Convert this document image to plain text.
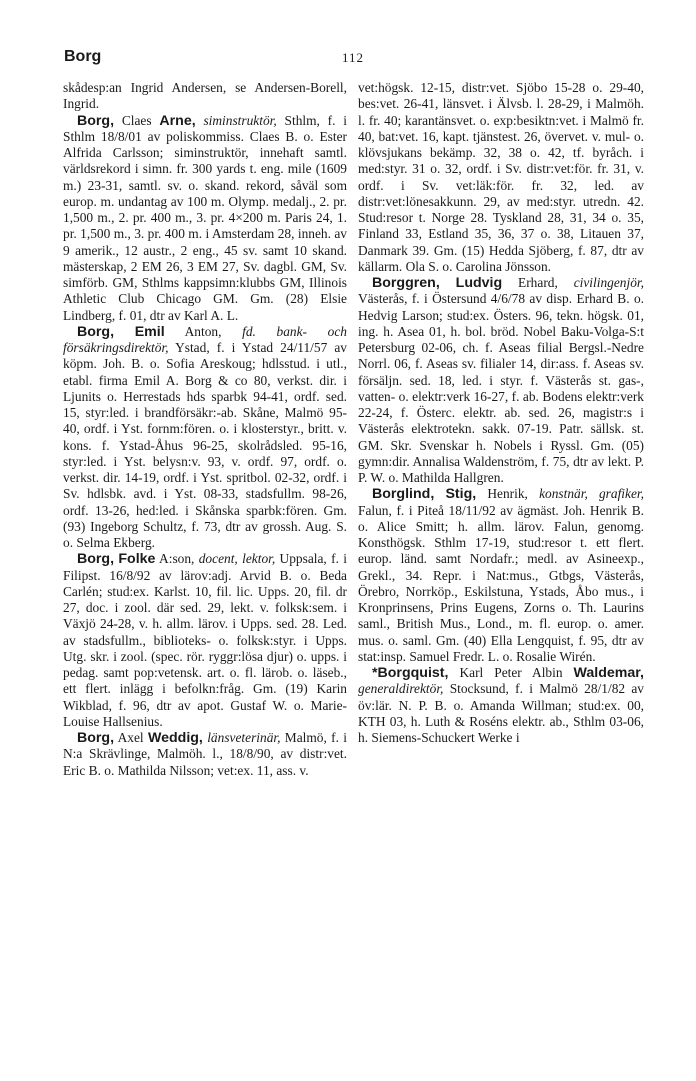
Borg	112

skådesp:an Ingrid Andersen, se Andersen-Borell, Ingrid.

Borg, Claes Arne, siminstruktör, Sthlm, f. i Sthlm 18/8/01 av poliskommiss. Claes B. o. Ester Alfrida Carlsson; siminstruktör, innehaft samtl. världsrekord i simn. fr. 300 yards t. eng. mile (1609 m.) 23-31, samtl. sv. o. skand. rekord, såväl som europ. m. undantag av 100 m. Olymp. medalj., 2. pr. 1,500 m., 2. pr. 400 m., 3. pr. 4×200 m. Paris 24, 1. pr. 1,500 m., 3. pr. 400 m. i Amsterdam 28, inneh. av 9 amerik., 12 austr., 2 eng., 45 sv. samt 10 skand. mästerskap, 2 EM 26, 3 EM 27, Sv. dagbl. GM, Sv. simförb. GM, Sthlms kappsimn:klubbs GM, Illinois Athletic Club Chicago GM. Gm. (28) Elsie Lindberg, f. 01, dtr av Karl A. L.

Borg, Emil Anton, fd. bank- och försäkringsdirektör, Ystad, f. i Ystad 24/11/57 av köpm. Joh. B. o. Sofia Areskoug; hdlsstud. i utl., etabl. firma Emil A. Borg & co 80, verkst. dir. i Ljunits o. Herrestads hds sparbk 94-41, ordf. sed. 15, styr:led. i brandförsäkr:-ab. Skåne, Malmö 95-40, ordf. i Yst. fornm:fören. o. i klosterstyr., britt. v. kons. f. Ystad-Åhus 96-25, skolrådsled. 95-16, styr:led. i Yst. belysn:v. 93, v. ordf. 97, ordf. o. verkst. dir. 14-19, ordf. i Yst. spritbol. 02-32, ordf. i Sv. hdlsbk. avd. i Yst. 08-33, stadsfullm. 98-26, ordf. 13-26, hed:led. i Skånska sparbk:fören. Gm. (93) Ingeborg Schultz, f. 73, dtr av grossh. Aug. S. o. Selma Ekberg.

Borg, Folke A:son, docent, lektor, Uppsala, f. i Filipst. 16/8/92 av lärov:adj. Arvid B. o. Beda Carlén; stud:ex. Karlst. 10, fil. lic. Upps. 20, fil. dr 27, doc. i zool. där sed. 29, lekt. v. folksk:sem. i Växjö 24-28, v. h. allm. lärov. i Upps. sed. 28. Led. av stadsfullm., biblioteks- o. folksk:styr. i Upps. Utg. skr. i zool. (spec. rör. ryggr:lösa djur) o. upps. i pedag. samt pop:vetensk. art. o. fl. lärob. o. läseb., ett flert. inlägg i befolkn:fråg. Gm. (19) Karin Wikblad, f. 96, dtr av apot. Gustaf W. o. Marie-Louise Hallsenius.

Borg, Axel Weddig, länsveterinär, Malmö, f. i N:a Skrävlinge, Malmöh. l., 18/8/90, av distr:vet. Eric B. o. Mathilda Nilsson; vet:ex. 11, ass. v.

vet:högsk. 12-15, distr:vet. Sjöbo 15-28 o. 29-40, bes:vet. 26-41, länsvet. i Älvsb. l. 28-29, i Malmöh. l. fr. 40; karantänsvet. o. exp:besiktn:vet. i Malmö fr. 40, bat:vet. 16, kapt. tjänstest. 26, övervet. v. mul- o. klövsjukans bekämp. 32, 38 o. 42, tf. byråch. i med:styr. 31 o. 32, ordf. i Sv. distr:vet:för. fr. 31, v. ordf. i Sv. vet:läk:för. fr. 32, led. av distr:vet:lönesakkunn. 29, av med:styr. utredn. 42. Stud:resor t. Norge 28. Tyskland 28, 31, 34 o. 35, Finland 33, Estland 35, 36, 37 o. 38, Litauen 37, Danmark 39. Gm. (15) Hedda Sjöberg, f. 87, dtr av källarm. Ola S. o. Carolina Jönsson.

Borggren, Ludvig Erhard, civilingenjör, Västerås, f. i Östersund 4/6/78 av disp. Erhard B. o. Hedvig Larson; stud:ex. Östers. 96, tekn. högsk. 01, ing. h. Asea 01, h. bol. bröd. Nobel Baku-Volga-S:t Petersburg 02-06, ch. f. Aseas filial Bergsl.-Nedre Norrl. 06, f. Aseas sv. filialer 14, dir:ass. f. Aseas sv. försäljn. sed. 18, led. i styr. f. Västerås st. gas-, vatten- o. elektr:verk 16-27, f. ab. Bodens elektr:verk 22-24, f. Österс. elektr. ab. sed. 26, magistr:s i Västerås elektrotekn. sakk. 07-19. Patr. sällsk. st. GM. Skr. Svenskar h. Nobels i Ryssl. Gm. (05) gymn:dir. Annalisa Waldenström, f. 75, dtr av lekt. P. P. W. o. Mathilda Hallgren.

Borglind, Stig, Henrik, konstnär, grafiker, Falun, f. i Piteå 18/11/92 av ägmäst. Joh. Henrik B. o. Alice Smitt; h. allm. lärov. Falun, genomg. Konsthögsk. Sthlm 17-19, stud:resor t. ett flert. europ. länd. samt Nordafr.; medl. av Asineexp., Grekl., 34. Repr. i Nat:mus., Gtbgs, Västerås, Örebro, Norrköp., Eskilstuna, Ystads, Åbo mus., i Kronprinsens, Prins Eugens, Zorns o. Th. Laurins saml., British Mus., Lond., m. fl. europ. o. amer. mus. o. saml. Gm. (40) Ella Lengquist, f. 95, dtr av stat:insp. Samuel Fredr. L. o. Rosalie Wirén.

*Borgquist, Karl Peter Albin Waldemar, generaldirektör, Stocksund, f. i Malmö 28/1/82 av öv:lär. N. P. B. o. Amanda Willman; stud:ex. 00, KTH 03, h. Luth & Roséns elektr. ab., Sthlm 03-06, h. Siemens-Schuckert Werke i
